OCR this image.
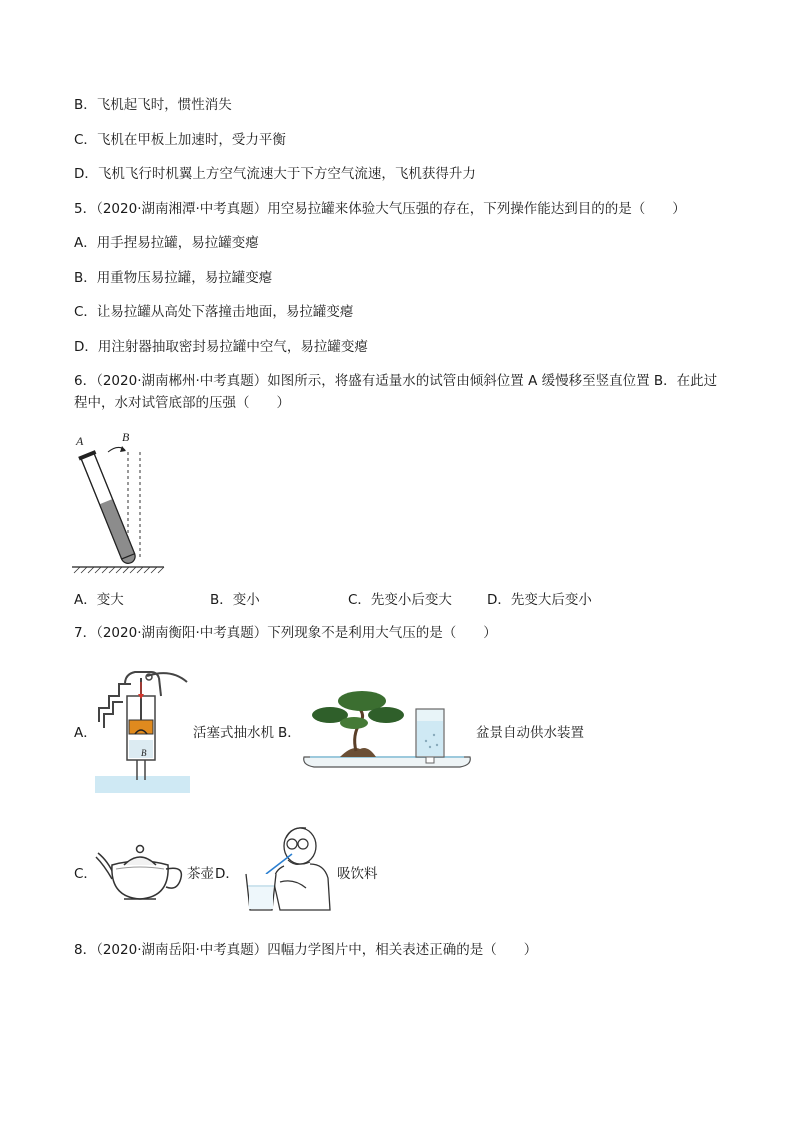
B．飞机起飞时，惯性消失
C．飞机在甲板上加速时，受力平衡
D．飞机飞行时机翼上方空气流速大于下方空气流速，飞机获得升力
5．（2020·湖南湘潭·中考真题）用空易拉罐来体验大气压强的存在，下列操作能达到目的的是（　　）
A．用手捏易拉罐，易拉罐变瘪
B．用重物压易拉罐，易拉罐变瘪
C．让易拉罐从高处下落撞击地面，易拉罐变瘪
D．用注射器抽取密封易拉罐中空气，易拉罐变瘪
6．（2020·湖南郴州·中考真题）如图所示，将盛有适量水的试管由倾斜位置 A 缓慢移至竖直位置 B．在此过
程中，水对试管底部的压强（　　）
A	B
A．变大	B．变小	C．先变小后变大	D．先变大后变小
7．（2020·湖南衡阳·中考真题）下列现象不是利用大气压的是（　　）
A．
B
活塞式抽水机 B．	盆景自动供水装置
C．	茶壶 D．	吸饮料
8．（2020·湖南岳阳·中考真题）四幅力学图片中，相关表述正确的是（　　）
